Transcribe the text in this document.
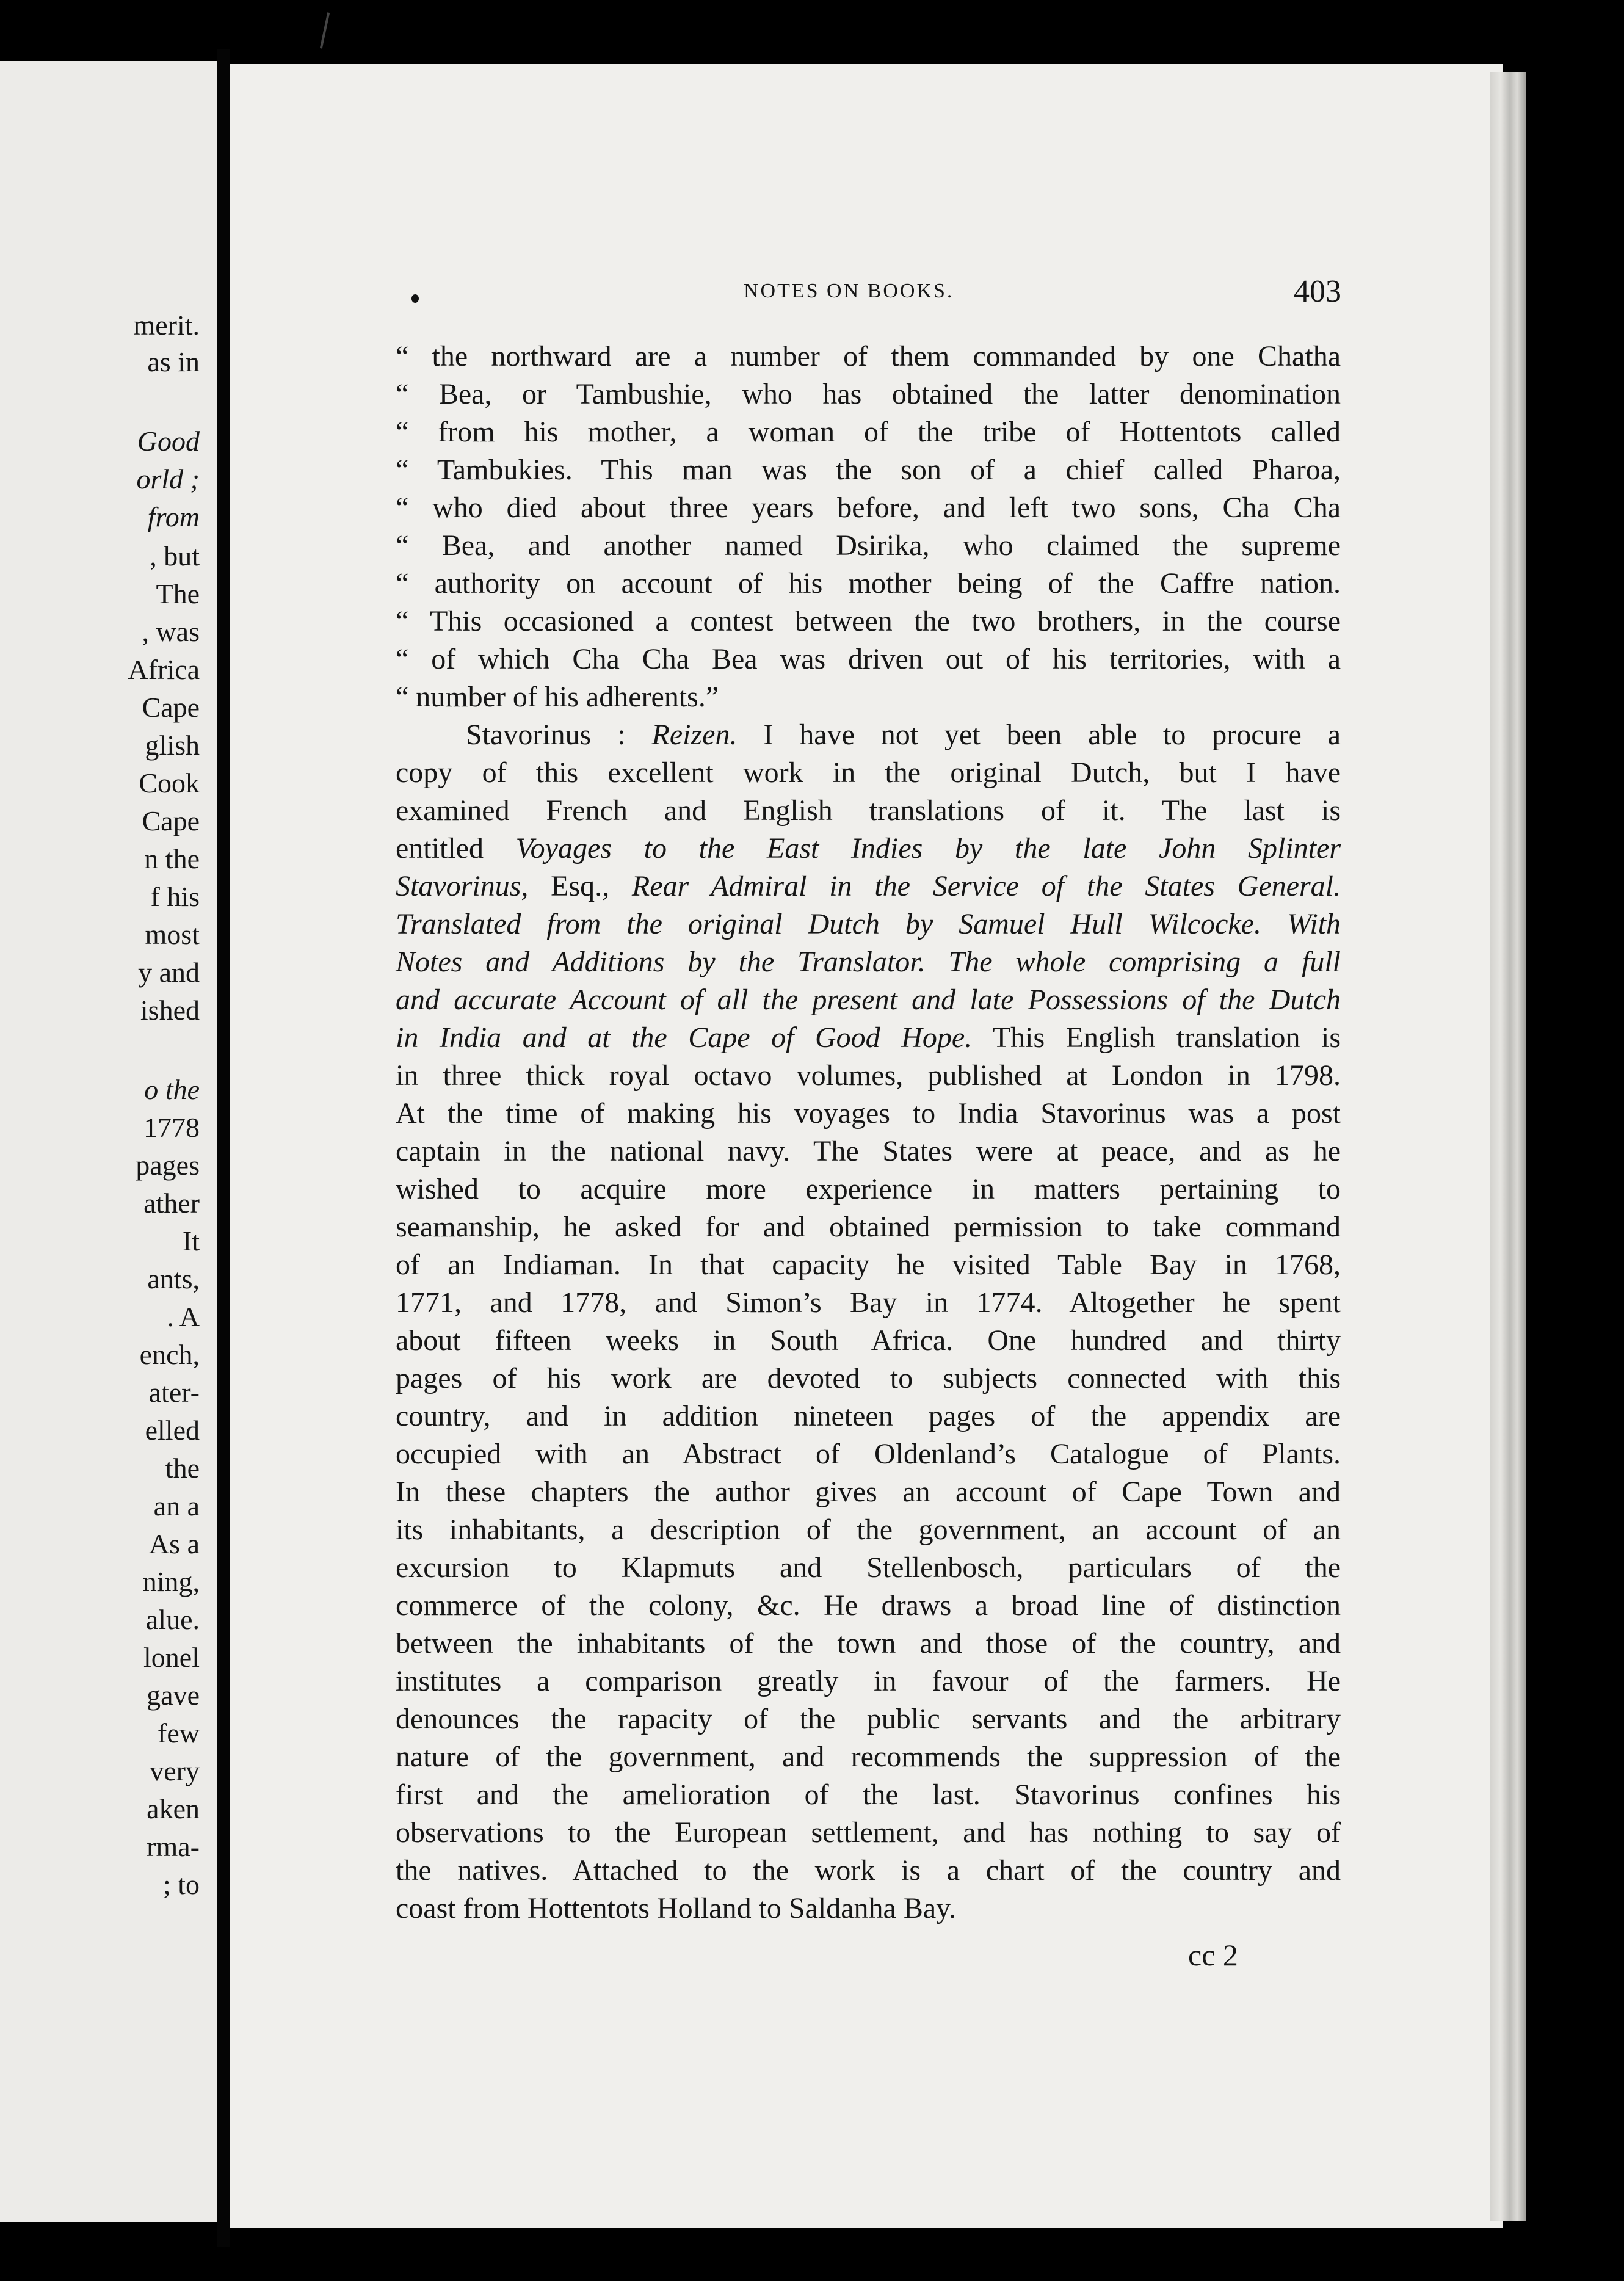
merit.
as in
Good
orld ;
from
, but
The
, was
Africa
Cape
glish
Cook
Cape
n the
f his
most
y and
ished
o the
1778
pages
ather
It
ants,
. A
ench,
ater-
elled
the
an a
As a
ning,
alue.
lonel
gave
few
very
aken
rma-
; to
NOTES ON BOOKS.	403
“ the northward are a number of them commanded by one Chatha
“ Bea, or Tambushie, who has obtained the latter denomination
“ from his mother, a woman of the tribe of Hottentots called
“ Tambukies. This man was the son of a chief called Pharoa,
“ who died about three years before, and left two sons, Cha Cha
“ Bea, and another named Dsirika, who claimed the supreme
“ authority on account of his mother being of the Caffre nation.
“ This occasioned a contest between the two brothers, in the course
“ of which Cha Cha Bea was driven out of his territories, with a
“ number of his adherents.”
Stavorinus : Reizen. I have not yet been able to procure a
copy of this excellent work in the original Dutch, but I have
examined French and English translations of it. The last is
entitled Voyages to the East Indies by the late John Splinter
Stavorinus, Esq., Rear Admiral in the Service of the States General.
Translated from the original Dutch by Samuel Hull Wilcocke. With
Notes and Additions by the Translator. The whole comprising a full
and accurate Account of all the present and late Possessions of the Dutch
in India and at the Cape of Good Hope. This English translation is
in three thick royal octavo volumes, published at London in 1798.
At the time of making his voyages to India Stavorinus was a post
captain in the national navy. The States were at peace, and as he
wished to acquire more experience in matters pertaining to
seamanship, he asked for and obtained permission to take command
of an Indiaman. In that capacity he visited Table Bay in 1768,
1771, and 1778, and Simon’s Bay in 1774. Altogether he spent
about fifteen weeks in South Africa. One hundred and thirty
pages of his work are devoted to subjects connected with this
country, and in addition nineteen pages of the appendix are
occupied with an Abstract of Oldenland’s Catalogue of Plants.
In these chapters the author gives an account of Cape Town and
its inhabitants, a description of the government, an account of an
excursion to Klapmuts and Stellenbosch, particulars of the
commerce of the colony, &c. He draws a broad line of distinction
between the inhabitants of the town and those of the country, and
institutes a comparison greatly in favour of the farmers. He
denounces the rapacity of the public servants and the arbitrary
nature of the government, and recommends the suppression of the
first and the amelioration of the last. Stavorinus confines his
observations to the European settlement, and has nothing to say of
the natives. Attached to the work is a chart of the country and
coast from Hottentots Holland to Saldanha Bay.
cc 2
